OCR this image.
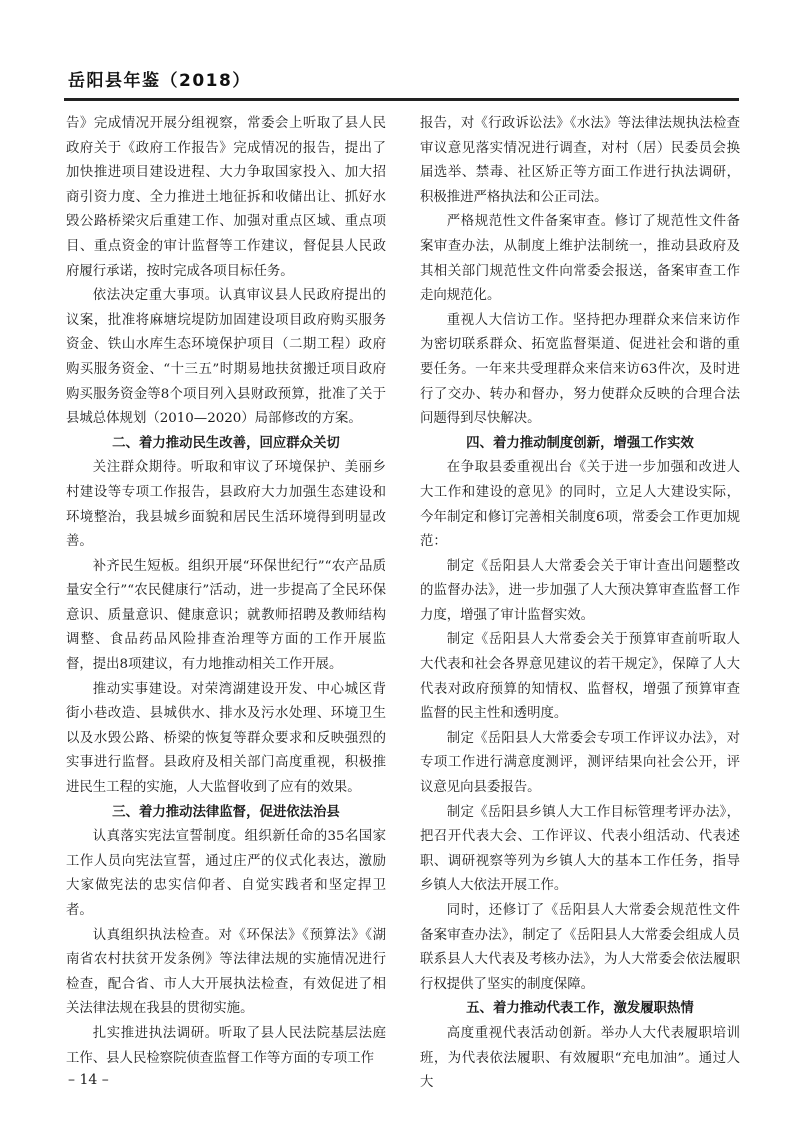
岳阳县年鉴（2018）

告》完成情况开展分组视察，常委会上听取了县人民政府关于《政府工作报告》完成情况的报告，提出了加快推进项目建设进程、大力争取国家投入、加大招商引资力度、全力推进土地征拆和收储出让、抓好水毁公路桥梁灾后重建工作、加强对重点区域、重点项目、重点资金的审计监督等工作建议，督促县人民政府履行承诺，按时完成各项目标任务。

依法决定重大事项。认真审议县人民政府提出的议案，批准将麻塘垸堤防加固建设项目政府购买服务资金、铁山水库生态环境保护项目（二期工程）政府购买服务资金、“十三五”时期易地扶贫搬迁项目政府购买服务资金等8个项目列入县财政预算，批准了关于县城总体规划（2010—2020）局部修改的方案。

二、着力推动民生改善，回应群众关切

关注群众期待。听取和审议了环境保护、美丽乡村建设等专项工作报告，县政府大力加强生态建设和环境整治，我县城乡面貌和居民生活环境得到明显改善。

补齐民生短板。组织开展“环保世纪行”“农产品质量安全行”“农民健康行”活动，进一步提高了全民环保意识、质量意识、健康意识；就教师招聘及教师结构调整、食品药品风险排查治理等方面的工作开展监督，提出8项建议，有力地推动相关工作开展。

推动实事建设。对荣湾湖建设开发、中心城区背街小巷改造、县城供水、排水及污水处理、环境卫生以及水毁公路、桥梁的恢复等群众要求和反映强烈的实事进行监督。县政府及相关部门高度重视，积极推进民生工程的实施，人大监督收到了应有的效果。

三、着力推动法律监督，促进依法治县

认真落实宪法宣誓制度。组织新任命的35名国家工作人员向宪法宣誓，通过庄严的仪式化表达，激励大家做宪法的忠实信仰者、自觉实践者和坚定捍卫者。

认真组织执法检查。对《环保法》《预算法》《湖南省农村扶贫开发条例》等法律法规的实施情况进行检查，配合省、市人大开展执法检查，有效促进了相关法律法规在我县的贯彻实施。

扎实推进执法调研。听取了县人民法院基层法庭工作、县人民检察院侦查监督工作等方面的专项工作

报告，对《行政诉讼法》《水法》等法律法规执法检查审议意见落实情况进行调查，对村（居）民委员会换届选举、禁毒、社区矫正等方面工作进行执法调研，积极推进严格执法和公正司法。

严格规范性文件备案审查。修订了规范性文件备案审查办法，从制度上维护法制统一，推动县政府及其相关部门规范性文件向常委会报送，备案审查工作走向规范化。

重视人大信访工作。坚持把办理群众来信来访作为密切联系群众、拓宽监督渠道、促进社会和谐的重要任务。一年来共受理群众来信来访63件次，及时进行了交办、转办和督办，努力使群众反映的合理合法问题得到尽快解决。

四、着力推动制度创新，增强工作实效

在争取县委重视出台《关于进一步加强和改进人大工作和建设的意见》的同时，立足人大建设实际，今年制定和修订完善相关制度6项，常委会工作更加规范：

制定《岳阳县人大常委会关于审计查出问题整改的监督办法》，进一步加强了人大预决算审查监督工作力度，增强了审计监督实效。

制定《岳阳县人大常委会关于预算审查前听取人大代表和社会各界意见建议的若干规定》，保障了人大代表对政府预算的知情权、监督权，增强了预算审查监督的民主性和透明度。

制定《岳阳县人大常委会专项工作评议办法》，对专项工作进行满意度测评，测评结果向社会公开，评议意见向县委报告。

制定《岳阳县乡镇人大工作目标管理考评办法》，把召开代表大会、工作评议、代表小组活动、代表述职、调研视察等列为乡镇人大的基本工作任务，指导乡镇人大依法开展工作。

同时，还修订了《岳阳县人大常委会规范性文件备案审查办法》，制定了《岳阳县人大常委会组成人员联系县人大代表及考核办法》，为人大常委会依法履职行权提供了坚实的制度保障。

五、着力推动代表工作，激发履职热情

高度重视代表活动创新。举办人大代表履职培训班，为代表依法履职、有效履职“充电加油”。通过人大

– 14 –
